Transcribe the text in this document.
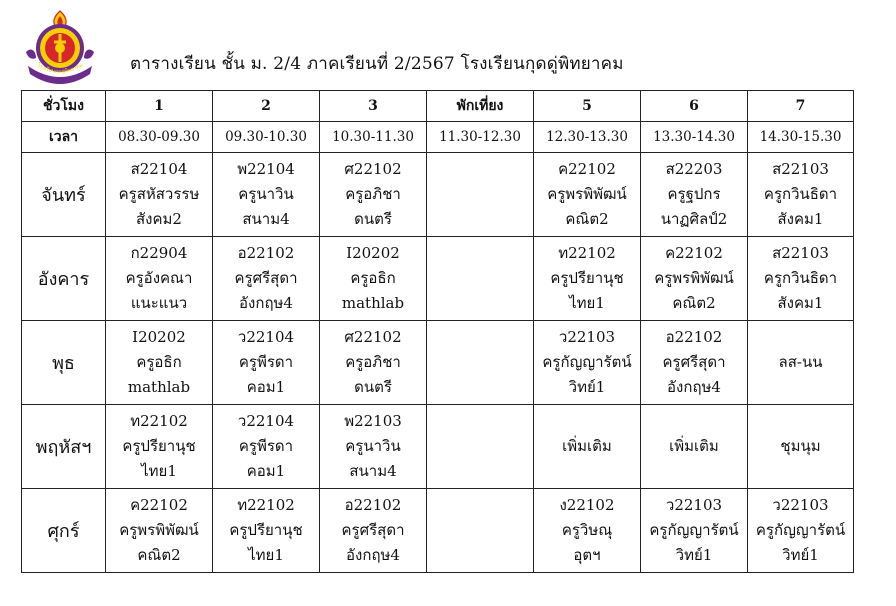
โรงเรียนกุดดู่พิทยาคม	ตารางเรียน ชั้น ม. 2/4 ภาคเรียนที่ 2/2567 โรงเรียนกุดดู่พิทยาคม
ชั่วโมง	1	2	3	พักเที่ยง	5	6	7
เวลา	08.30-09.30	09.30-10.30	10.30-11.30	11.30-12.30	12.30-13.30	13.30-14.30	14.30-15.30
จันทร์	ส22104
ครูสหัสวรรษ
สังคม2	พ22104
ครูนาวิน
สนาม4	ศ22102
ครูอภิชา
ดนตรี		ค22102
ครูพรพิพัฒน์
คณิต2	ส22203
ครูฐปกร
นาฏศิลป์2	ส22103
ครูกวินธิดา
สังคม1

อังคาร	ก22904
ครูอังคณา
แนะแนว	อ22102
ครูศรีสุดา
อังกฤษ4	I20202
ครูอธิก
mathlab		ท22102
ครูปรียานุช
ไทย1	ค22102
ครูพรพิพัฒน์
คณิต2	ส22103
ครูกวินธิดา
สังคม1

พุธ	I20202
ครูอธิก
mathlab	ว22104
ครูพีรดา
คอม1	ศ22102
ครูอภิชา
ดนตรี		ว22103
ครูกัญญารัตน์
วิทย์1	อ22102
ครูศรีสุดา
อังกฤษ4	ลส-นน

พฤหัสฯ	ท22102
ครูปรียานุช
ไทย1	ว22104
ครูพีรดา
คอม1	พ22103
ครูนาวิน
สนาม4		เพิ่มเติม	เพิ่มเติม	ชุมนุม

ศุกร์	ค22102
ครูพรพิพัฒน์
คณิต2	ท22102
ครูปรียานุช
ไทย1	อ22102
ครูศรีสุดา
อังกฤษ4		ง22102
ครูวิษณุ
อุตฯ	ว22103
ครูกัญญารัตน์
วิทย์1	ว22103
ครูกัญญารัตน์
วิทย์1
